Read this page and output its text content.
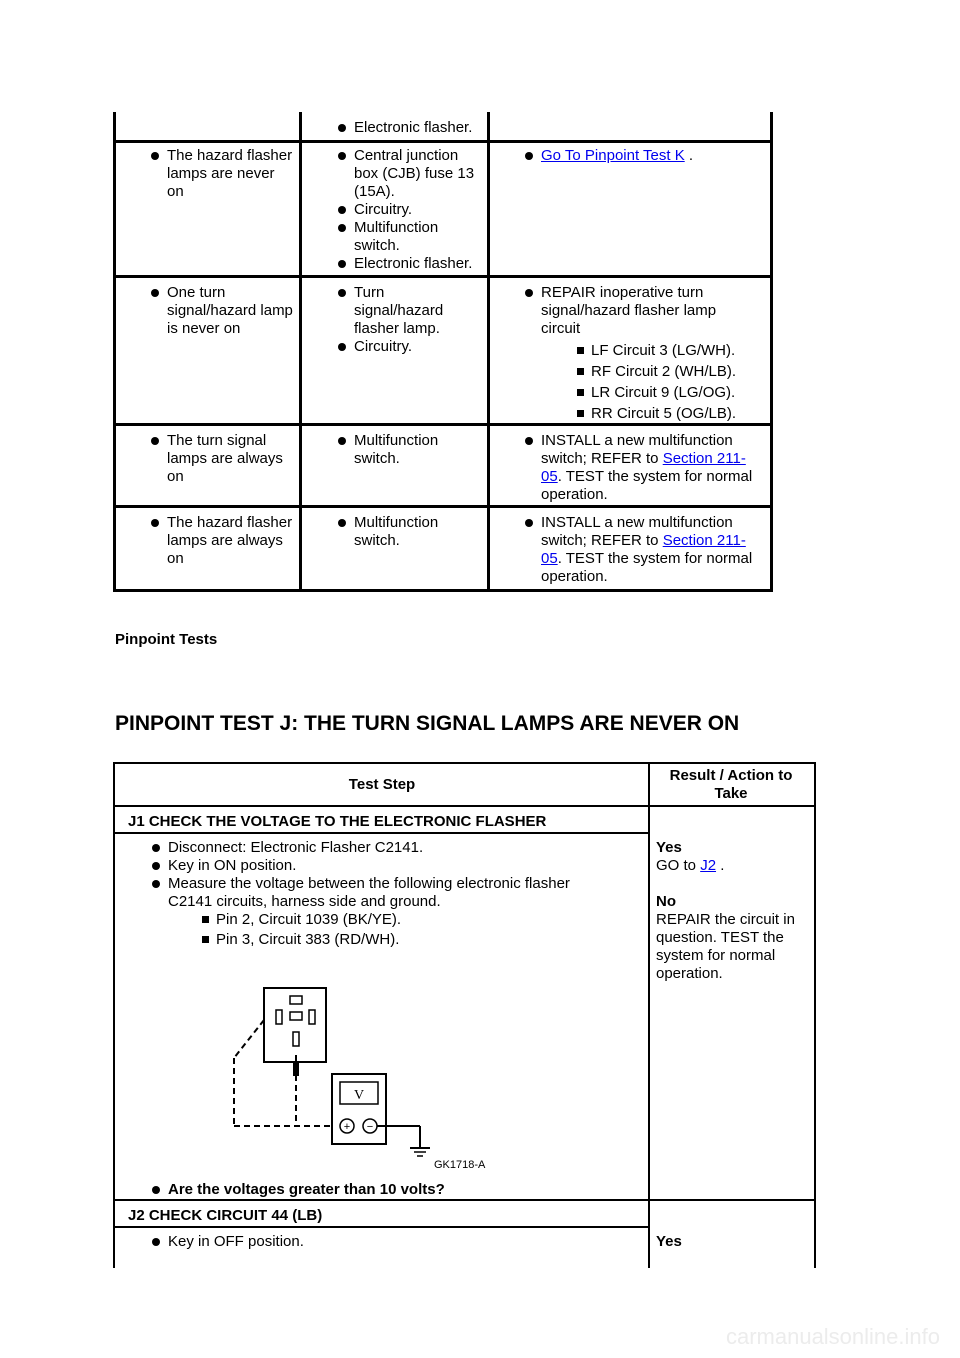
Electronic flasher.
The hazard flasher lamps are never on
Central junction box (CJB) fuse 13 (15A).
Circuitry.
Multifunction switch.
Electronic flasher.
Go To Pinpoint Test K .
One turn signal/hazard lamp is never on
Turn signal/hazard flasher lamp.
Circuitry.
REPAIR inoperative turn signal/hazard flasher lamp circuit
LF Circuit 3 (LG/WH).
RF Circuit 2 (WH/LB).
LR Circuit 9 (LG/OG).
RR Circuit 5 (OG/LB).
The turn signal lamps are always on
Multifunction switch.
INSTALL a new multifunction switch; REFER to Section 211-05. TEST the system for normal operation.
The hazard flasher lamps are always on
Multifunction switch.
INSTALL a new multifunction switch; REFER to Section 211-05. TEST the system for normal operation.
Pinpoint Tests
PINPOINT TEST J: THE TURN SIGNAL LAMPS ARE NEVER ON
Test Step
Result / Action to Take
J1 CHECK THE VOLTAGE TO THE ELECTRONIC FLASHER
Disconnect: Electronic Flasher C2141.
Key in ON position.
Measure the voltage between the following electronic flasher C2141 circuits, harness side and ground.
Pin 2, Circuit 1039 (BK/YE).
Pin 3, Circuit 383 (RD/WH).
V
+ −
GK1718-A
Are the voltages greater than 10 volts?
Yes
GO to J2 .
No
REPAIR the circuit in question. TEST the system for normal operation.
J2 CHECK CIRCUIT 44 (LB)
Key in OFF position.	Yes
carmanualsonline.info
